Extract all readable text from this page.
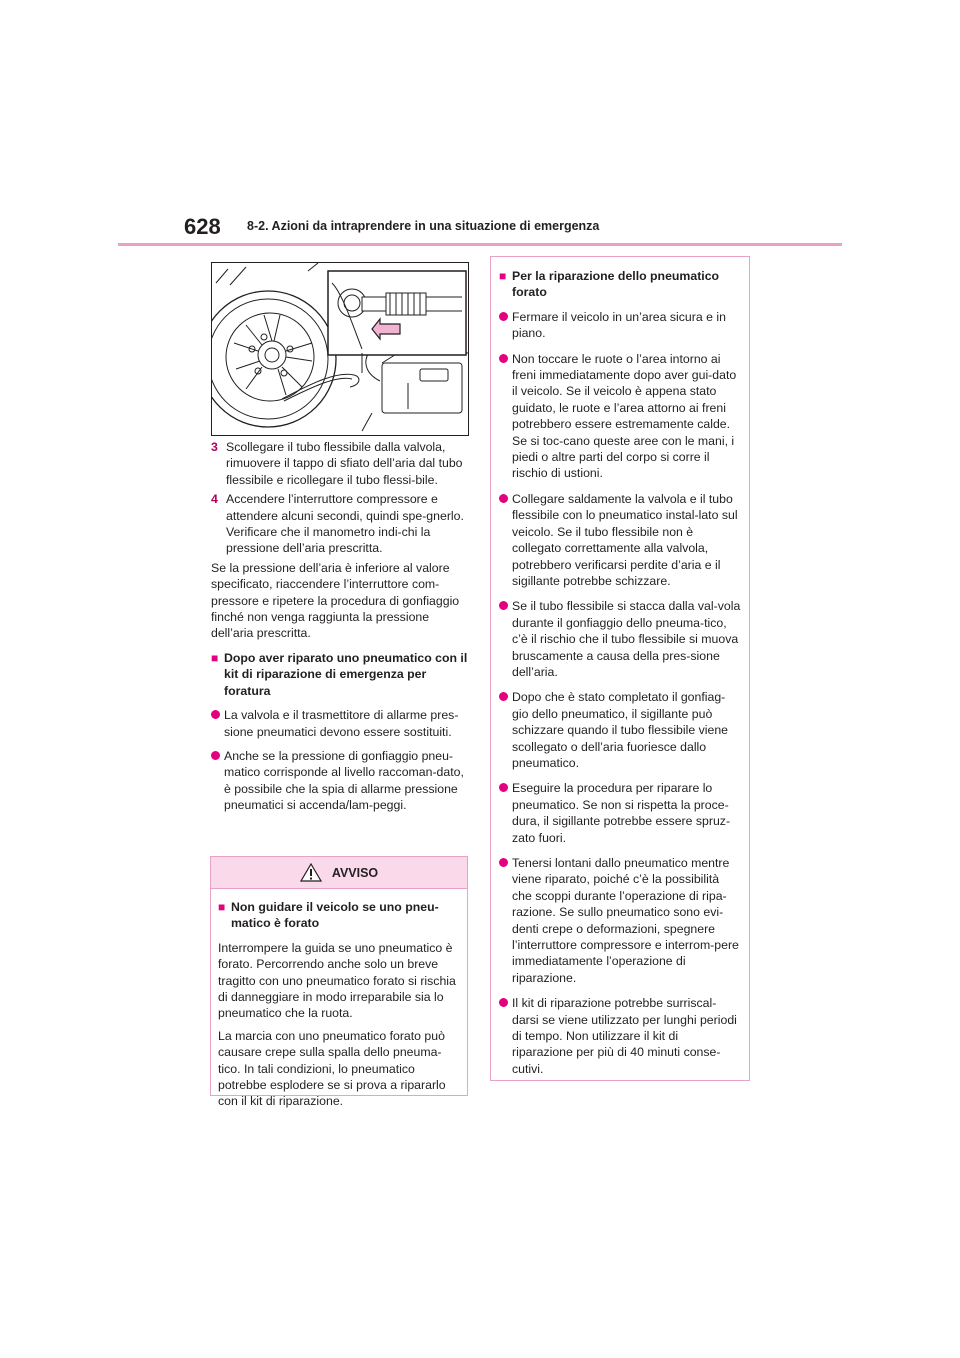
628 8-2. Azioni da intraprendere in una situazione di emergenza
3 Scollegare il tubo flessibile dalla valvola, rimuovere il tappo di sfiato dell’aria dal tubo flessibile e ricollegare il tubo flessi-bile.
4 Accendere l’interruttore compressore e attendere alcuni secondi, quindi spe-gnerlo. Verificare che il manometro indi-chi la pressione dell’aria prescritta.
Se la pressione dell’aria è inferiore al valore specificato, riaccendere l’interruttore com-pressore e ripetere la procedura di gonfiaggio finché non venga raggiunta la pressione dell’aria prescritta.
■ Dopo aver riparato uno pneumatico con il kit di riparazione di emergenza per foratura
La valvola e il trasmettitore di allarme pres-sione pneumatici devono essere sostituiti.
Anche se la pressione di gonfiaggio pneu-matico corrisponde al livello raccoman-dato, è possibile che la spia di allarme pressione pneumatici si accenda/lam-peggi.
AVVISO
■ Non guidare il veicolo se uno pneu-matico è forato
Interrompere la guida se uno pneumatico è forato. Percorrendo anche solo un breve tragitto con uno pneumatico forato si rischia di danneggiare in modo irreparabile sia lo pneumatico che la ruota.
La marcia con uno pneumatico forato può causare crepe sulla spalla dello pneuma-tico. In tali condizioni, lo pneumatico potrebbe esplodere se si prova a ripararlo con il kit di riparazione.
■ Per la riparazione dello pneumatico forato
Fermare il veicolo in un’area sicura e in piano.
Non toccare le ruote o l’area intorno ai freni immediatamente dopo aver gui-dato il veicolo. Se il veicolo è appena stato guidato, le ruote e l’area attorno ai freni potrebbero essere estremamente calde. Se si toc-cano queste aree con le mani, i piedi o altre parti del corpo si corre il rischio di ustioni.
Collegare saldamente la valvola e il tubo flessibile con lo pneumatico instal-lato sul veicolo. Se il tubo flessibile non è collegato correttamente alla valvola, potrebbero verificarsi perdite d’aria e il sigillante potrebbe schizzare.
Se il tubo flessibile si stacca dalla val-vola durante il gonfiaggio dello pneuma-tico, c’è il rischio che il tubo flessibile si muova bruscamente a causa della pres-sione dell’aria.
Dopo che è stato completato il gonfiag-gio dello pneumatico, il sigillante può schizzare quando il tubo flessibile viene scollegato o dell’aria fuoriesce dallo pneumatico.
Eseguire la procedura per riparare lo pneumatico. Se non si rispetta la proce-dura, il sigillante potrebbe essere spruz-zato fuori.
Tenersi lontani dallo pneumatico mentre viene riparato, poiché c’è la possibilità che scoppi durante l’operazione di ripa-razione. Se sullo pneumatico sono evi-denti crepe o deformazioni, spegnere l’interruttore compressore e interrom-pere immediatamente l’operazione di riparazione.
Il kit di riparazione potrebbe surriscal-darsi se viene utilizzato per lunghi periodi di tempo. Non utilizzare il kit di riparazione per più di 40 minuti conse-cutivi.
